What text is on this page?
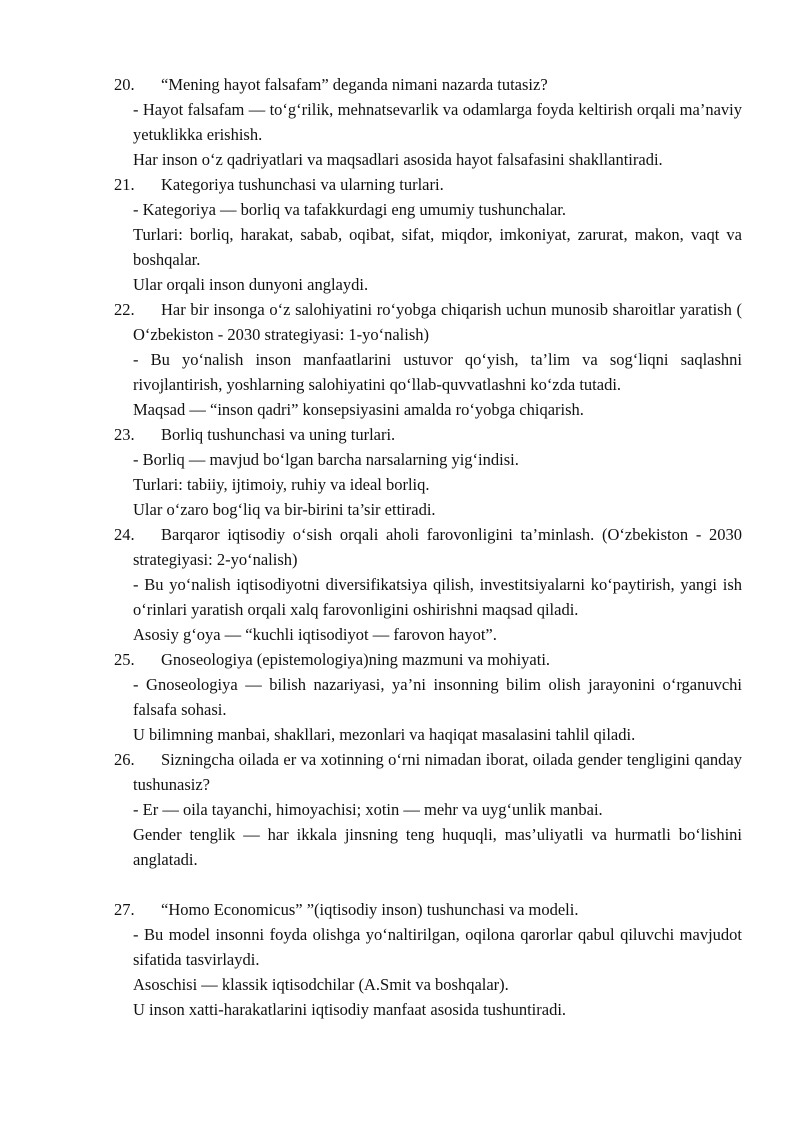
20.	“Mening hayot falsafam” deganda nimani nazarda tutasiz?
- Hayot falsafam — to‘g‘rilik, mehnatsevarlik va odamlarga foyda keltirish orqali ma’naviy yetuklikka erishish.
Har inson o‘z qadriyatlari va maqsadlari asosida hayot falsafasini shakllantiradi.
21.	Kategoriya tushunchasi va ularning turlari.
- Kategoriya — borliq va tafakkurdagi eng umumiy tushunchalar.
Turlari: borliq, harakat, sabab, oqibat, sifat, miqdor, imkoniyat, zarurat, makon, vaqt va boshqalar.
Ular orqali inson dunyoni anglaydi.
22.	Har bir insonga o‘z salohiyatini ro‘yobga chiqarish uchun munosib sharoitlar yaratish ( O‘zbekiston - 2030 strategiyasi: 1-yo‘nalish)
- Bu yo‘nalish inson manfaatlarini ustuvor qo‘yish, ta’lim va sog‘liqni saqlashni rivojlantirish, yoshlarning salohiyatini qo‘llab-quvvatlashni ko‘zda tutadi.
Maqsad — “inson qadri” konsepsiyasini amalda ro‘yobga chiqarish.
23.	Borliq tushunchasi va uning turlari.
- Borliq — mavjud bo‘lgan barcha narsalarning yig‘indisi.
Turlari: tabiiy, ijtimoiy, ruhiy va ideal borliq.
Ular o‘zaro bog‘liq va bir-birini ta’sir ettiradi.
24.	Barqaror iqtisodiy o‘sish orqali aholi farovonligini ta’minlash. (O‘zbekiston - 2030 strategiyasi: 2-yo‘nalish)
- Bu yo‘nalish iqtisodiyotni diversifikatsiya qilish, investitsiyalarni ko‘paytirish, yangi ish o‘rinlari yaratish orqali xalq farovonligini oshirishni maqsad qiladi.
Asosiy g‘oya — “kuchli iqtisodiyot — farovon hayot”.
25.	Gnoseologiya (epistemologiya)ning mazmuni va mohiyati.
- Gnoseologiya — bilish nazariyasi, ya’ni insonning bilim olish jarayonini o‘rganuvchi falsafa sohasi.
U bilimning manbai, shakllari, mezonlari va haqiqat masalasini tahlil qiladi.
26.	Sizningcha oilada er va xotinning o‘rni nimadan iborat, oilada gender tengligini qanday tushunasiz?
- Er — oila tayanchi, himoyachisi; xotin — mehr va uyg‘unlik manbai.
Gender tenglik — har ikkala jinsning teng huquqli, mas’uliyatli va hurmatli bo‘lishini anglatadi.
27.	“Homo Economicus” ”(iqtisodiy inson) tushunchasi va modeli.
- Bu model insonni foyda olishga yo‘naltirilgan, oqilona qarorlar qabul qiluvchi mavjudot sifatida tasvirlaydi.
Asoschisi — klassik iqtisodchilar (A.Smit va boshqalar).
U inson xatti-harakatlarini iqtisodiy manfaat asosida tushuntiradi.
